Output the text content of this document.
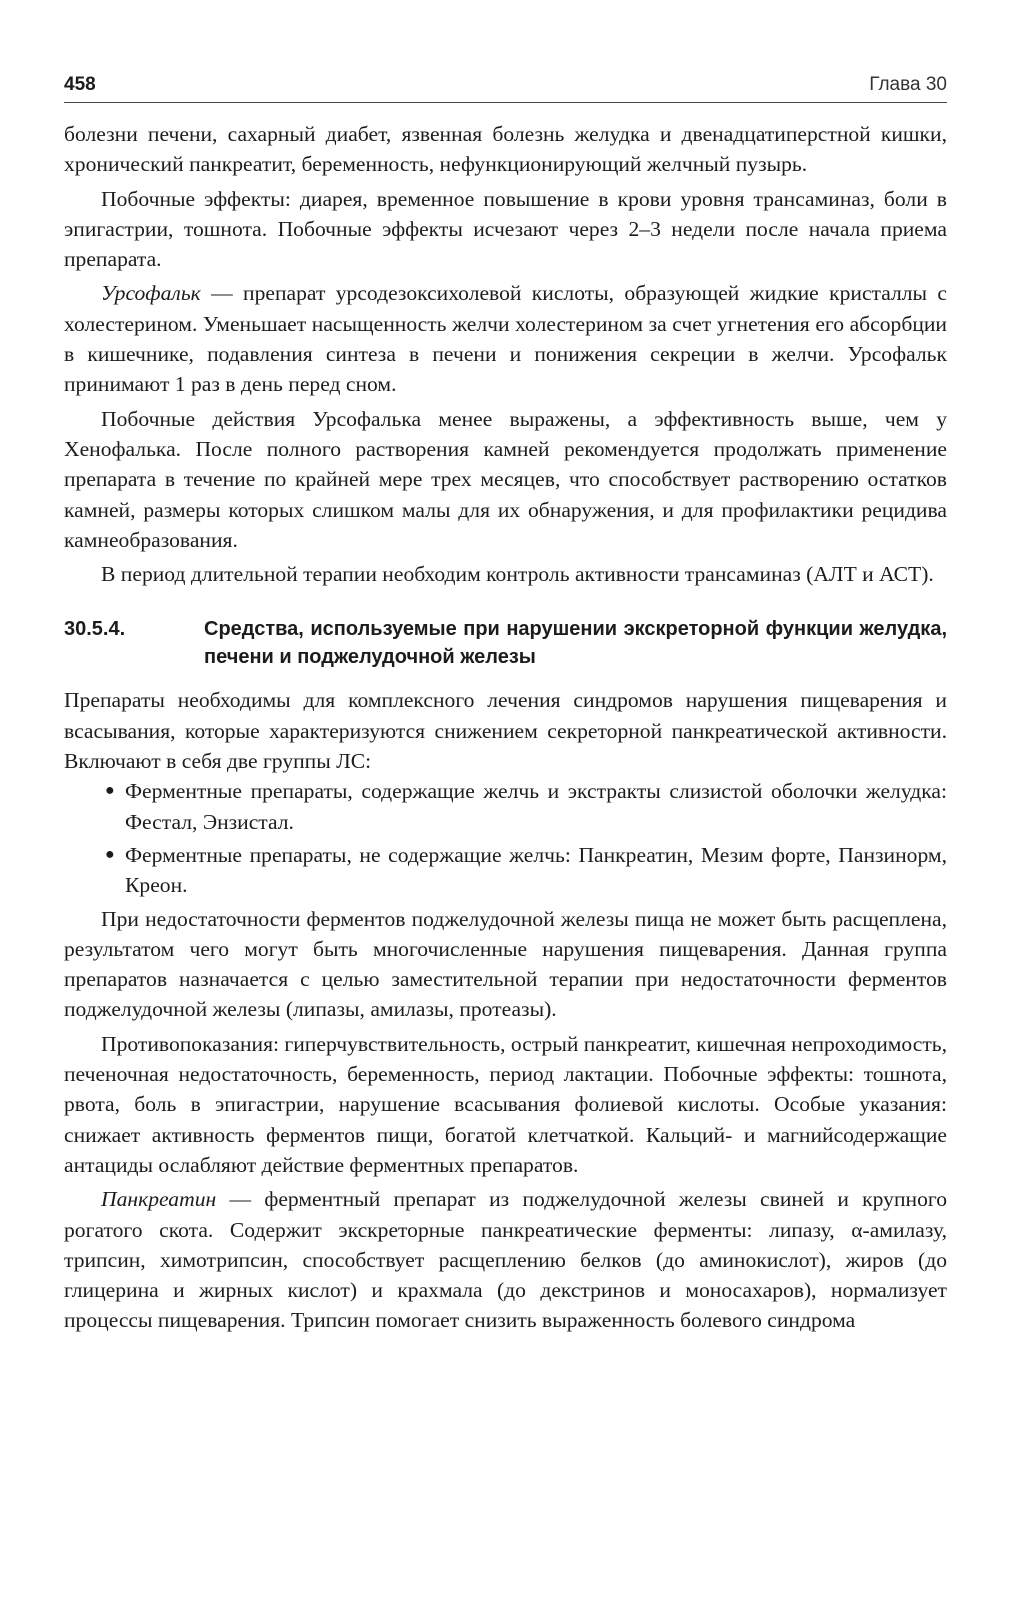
458	Глава 30

болезни печени, сахарный диабет, язвенная болезнь желудка и двенадцатиперстной кишки, хронический панкреатит, беременность, нефункционирующий желчный пузырь.

Побочные эффекты: диарея, временное повышение в крови уровня трансаминаз, боли в эпигастрии, тошнота. Побочные эффекты исчезают через 2–3 недели после начала приема препарата.

Урсофальк — препарат урсодезоксихолевой кислоты, образующей жидкие кристаллы с холестерином. Уменьшает насыщенность желчи холестерином за счет угнетения его абсорбции в кишечнике, подавления синтеза в печени и понижения секреции в желчи. Урсофальк принимают 1 раз в день перед сном.

Побочные действия Урсофалька менее выражены, а эффективность выше, чем у Хенофалька. После полного растворения камней рекомендуется продолжать применение препарата в течение по крайней мере трех месяцев, что способствует растворению остатков камней, размеры которых слишком малы для их обнаружения, и для профилактики рецидива камнеобразования.

В период длительной терапии необходим контроль активности трансаминаз (АЛТ и АСТ).

30.5.4.	Средства, используемые при нарушении экскреторной функции желудка, печени и поджелудочной железы

Препараты необходимы для комплексного лечения синдромов нарушения пищеварения и всасывания, которые характеризуются снижением секреторной панкреатической активности. Включают в себя две группы ЛС:

● Ферментные препараты, содержащие желчь и экстракты слизистой оболочки желудка: Фестал, Энзистал.
● Ферментные препараты, не содержащие желчь: Панкреатин, Мезим форте, Панзинорм, Креон.

При недостаточности ферментов поджелудочной железы пища не может быть расщеплена, результатом чего могут быть многочисленные нарушения пищеварения. Данная группа препаратов назначается с целью заместительной терапии при недостаточности ферментов поджелудочной железы (липазы, амилазы, протеазы).

Противопоказания: гиперчувствительность, острый панкреатит, кишечная непроходимость, печеночная недостаточность, беременность, период лактации. Побочные эффекты: тошнота, рвота, боль в эпигастрии, нарушение всасывания фолиевой кислоты. Особые указания: снижает активность ферментов пищи, богатой клетчаткой. Кальций- и магнийсодержащие антациды ослабляют действие ферментных препаратов.

Панкреатин — ферментный препарат из поджелудочной железы свиней и крупного рогатого скота. Содержит экскреторные панкреатические ферменты: липазу, α-амилазу, трипсин, химотрипсин, способствует расщеплению белков (до аминокислот), жиров (до глицерина и жирных кислот) и крахмала (до декстринов и моносахаров), нормализует процессы пищеварения. Трипсин помогает снизить выраженность болевого синдрома
